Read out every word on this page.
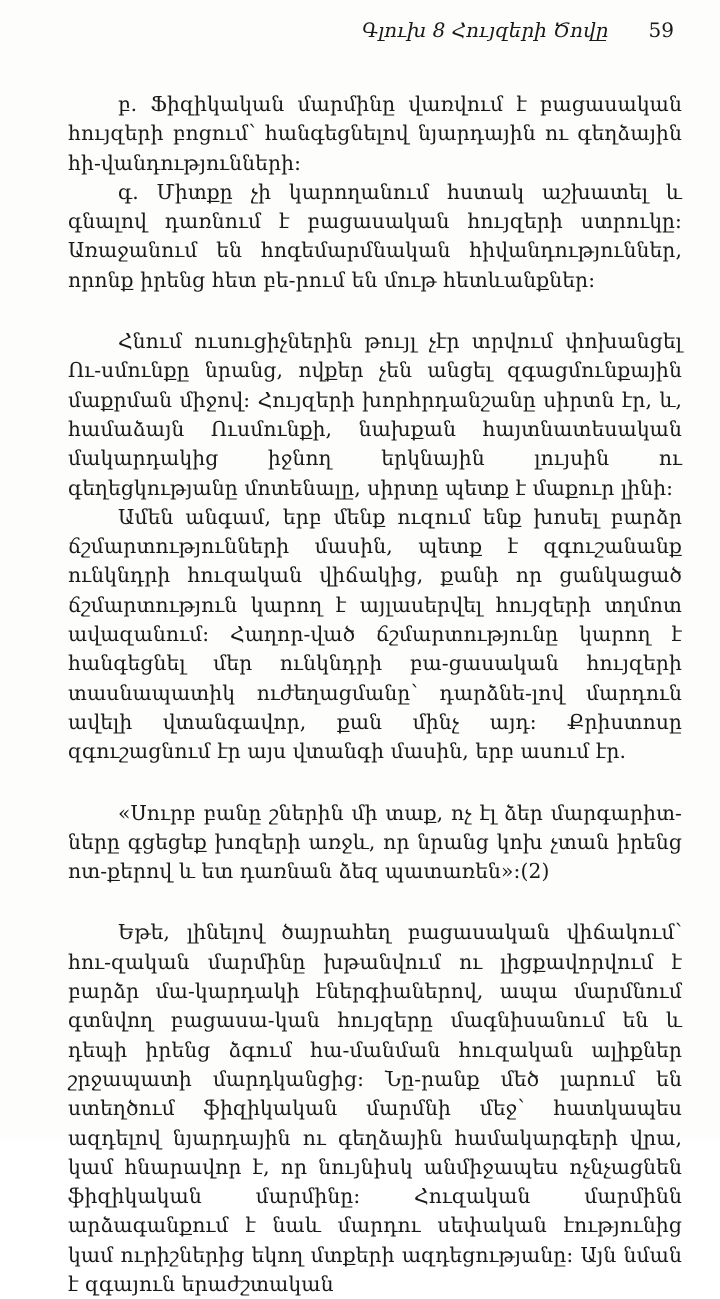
Գլուխ 8 Հույզերի Ծովը 59

բ. Ֆիզիկական մարմինը վառվում է բացասական հույզերի բոցում՝ հանգեցնելով նյարդային ու գեղձային հի-վանդությունների:

գ. Միտքը չի կարողանում հստակ աշխատել և գնալով դառնում է բացասական հույզերի ստրուկը: Առաջանում են հոգեմարմնական հիվանդություններ, որոնք իրենց հետ բե-րում են մութ հետևանքներ:

Հնում ուսուցիչներին թույլ չէր տրվում փոխանցել Ու-սմունքը նրանց, ովքեր չեն անցել զգացմունքային մաքրման միջով: Հույզերի խորհրդանշանը սիրտն էր, և, համաձայն Ուսմունքի, նախքան հայտնատեսական մակարդակից իջնող երկնային լույսին ու գեղեցկությանը մոտենալը, սիրտը պետք է մաքուր լինի:

Ամեն անգամ, երբ մենք ուզում ենք խոսել բարձր ճշմարտությունների մասին, պետք է զգուշանանք ունկնդրի հուզական վիճակից, քանի որ ցանկացած ճշմարտություն կարող է այլասերվել հույզերի տղմոտ ավազանում: Հաղոր-ված ճշմարտությունը կարող է հանգեցնել մեր ունկնդրի բա-ցասական հույզերի տասնապատիկ ուժեղացմանը՝ դարձնե-լով մարդուն ավելի վտանգավոր, քան մինչ այդ: Քրիստոսը զգուշացնում էր այս վտանգի մասին, երբ ասում էր.

«Սուրբ բանը շներին մի տաք, ոչ էլ ձեր մարգարիտ-ները գցեցեք խոզերի առջև, որ նրանց կոխ չտան իրենց ոտ-քերով և ետ դառնան ձեզ պատառեն»:(2)

Եթե, լինելով ծայրահեղ բացասական վիճակում՝ հու-զական մարմինը խթանվում ու լիցքավորվում է բարձր մա-կարդակի էներգիաներով, ապա մարմնում գտնվող բացասա-կան հույզերը մագնիսանում են և դեպի իրենց ձգում հա-մանման հուզական ալիքներ շրջապատի մարդկանցից: Նը-րանք մեծ լարում են ստեղծում ֆիզիկական մարմնի մեջ՝ հատկապես ազդելով նյարդային ու գեղձային համակարգերի վրա, կամ հնարավոր է, որ նույնիսկ անմիջապես ոչնչացնեն ֆիզիկական մարմինը: Հուզական մարմինն արձագանքում է նաև մարդու սեփական էությունից կամ ուրիշներից եկող մտքերի ազդեցությանը: Այն նման է զգայուն երաժշտական
